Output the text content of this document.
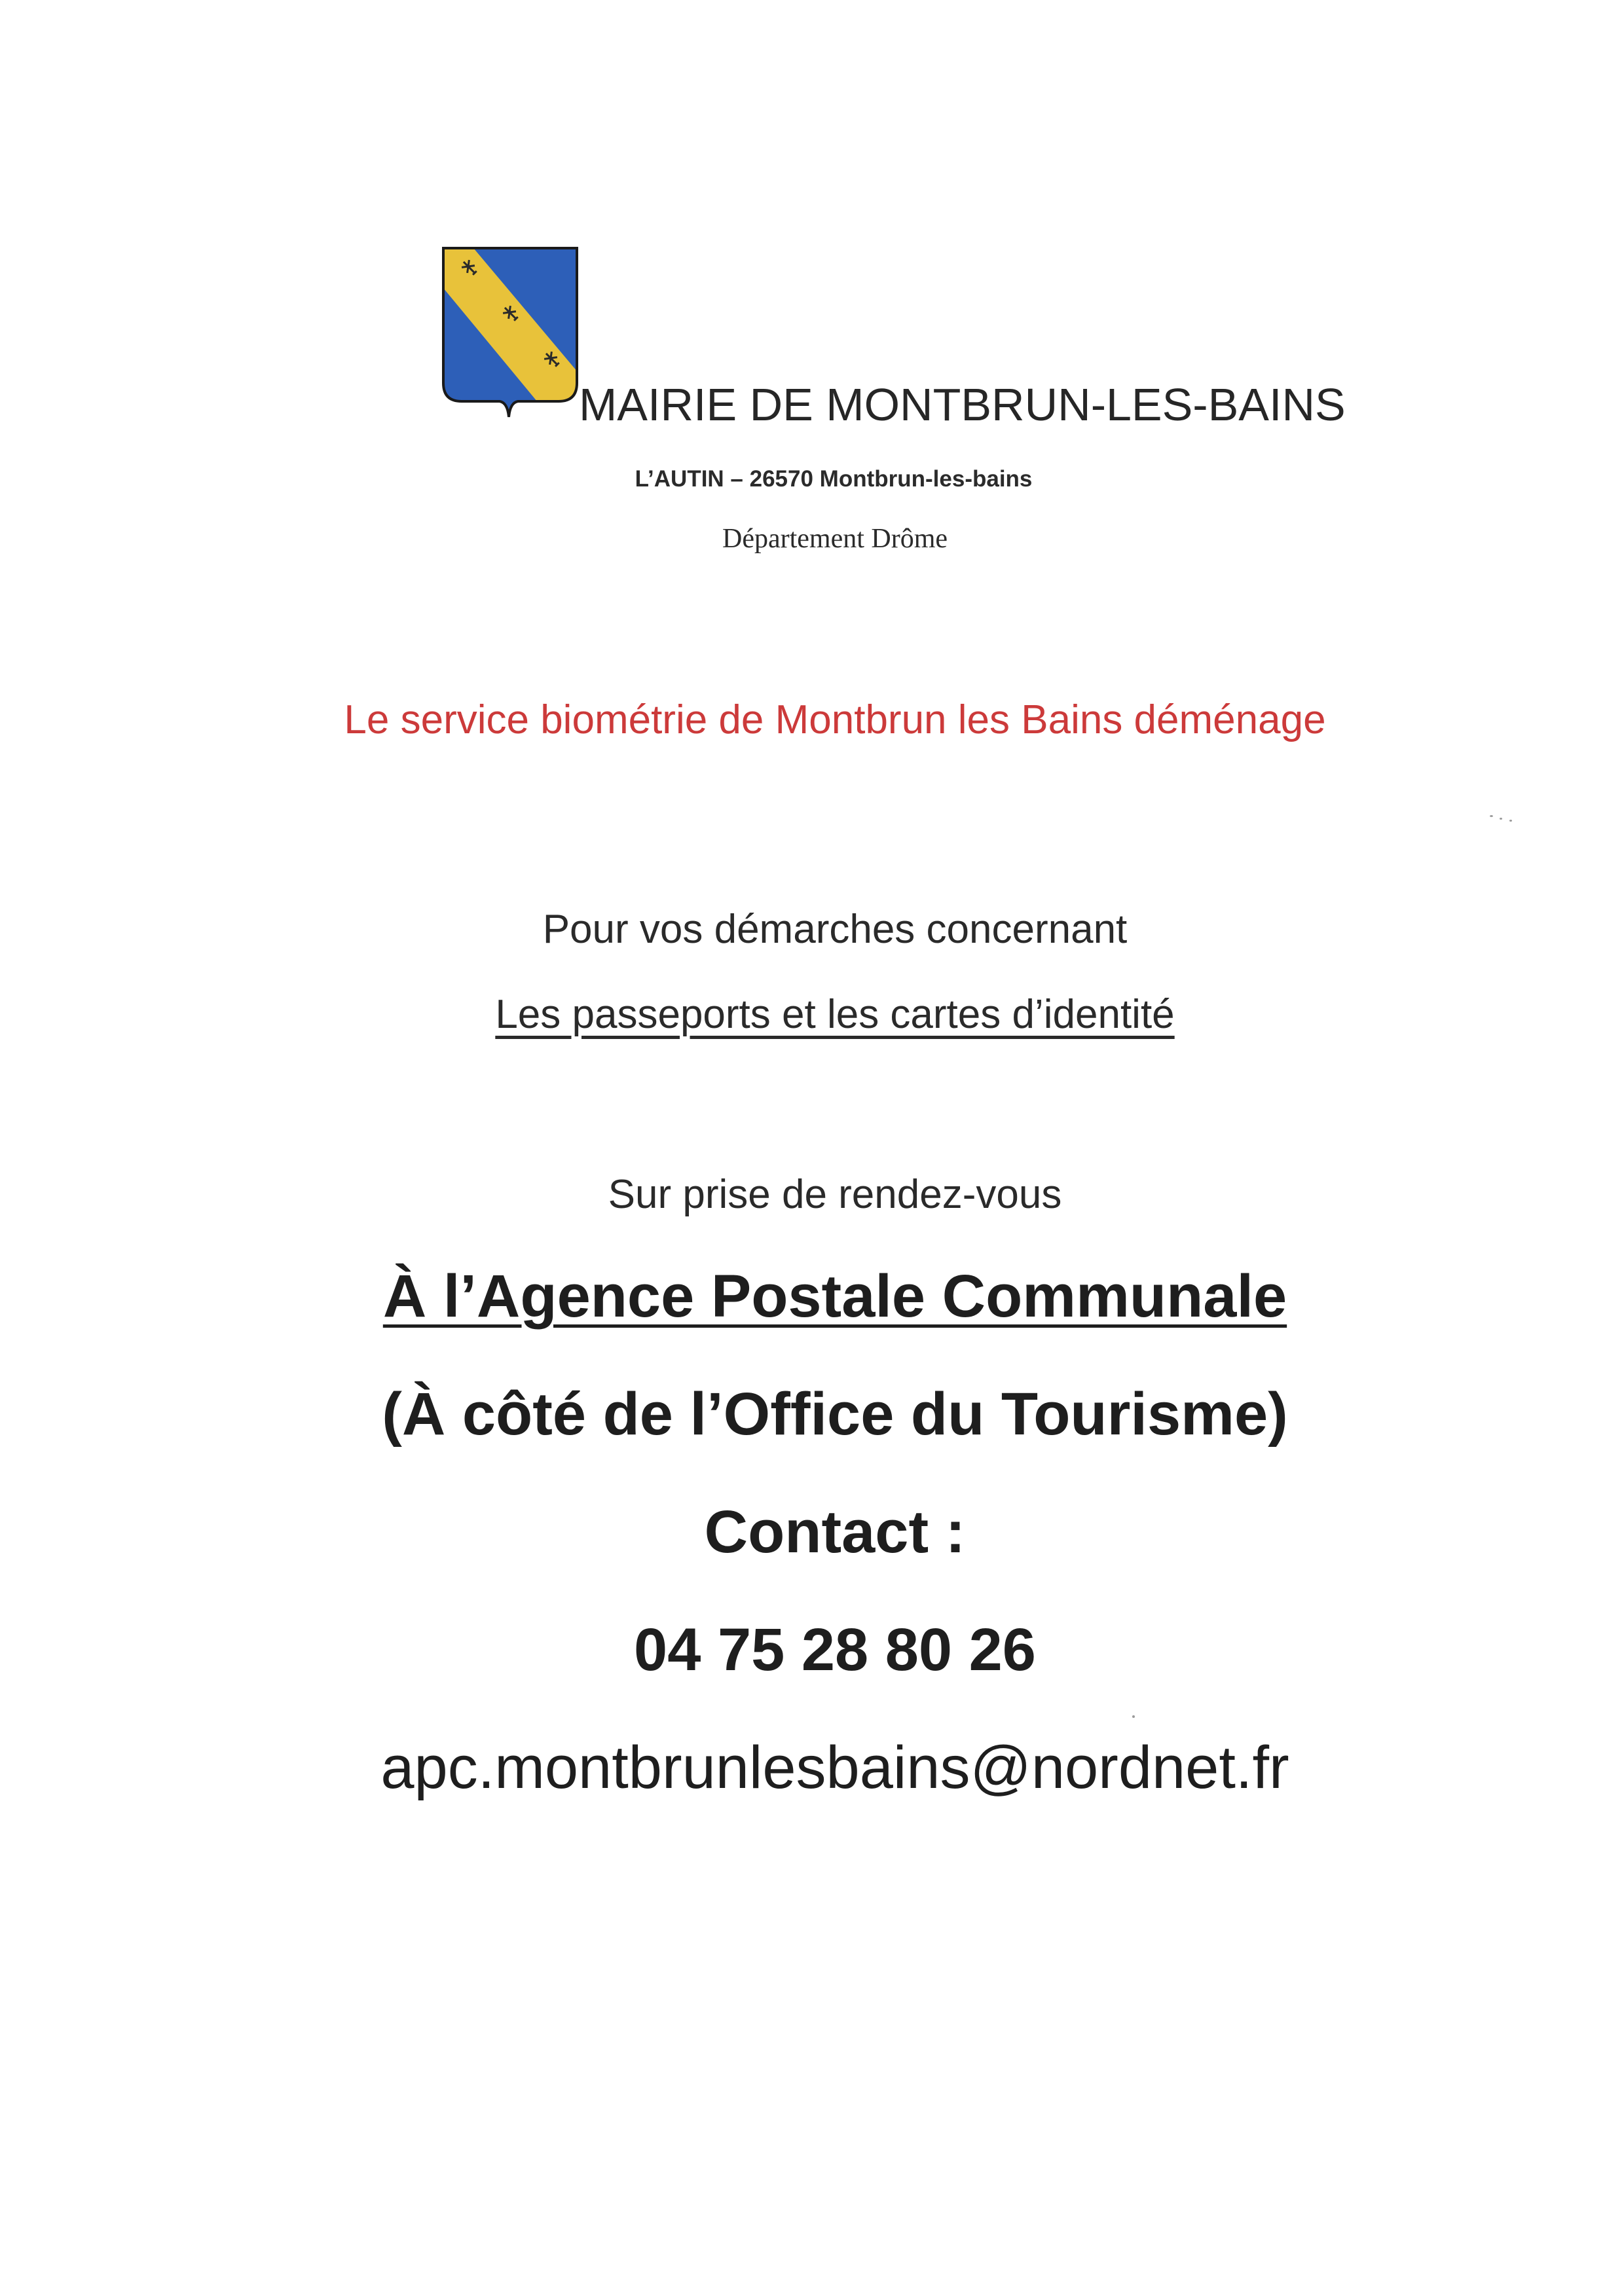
MAIRIE DE MONTBRUN-LES-BAINS
L’AUTIN – 26570 Montbrun-les-bains
Département Drôme
Le service biométrie de Montbrun les Bains déménage
Pour vos démarches concernant
Les passeports et les cartes d’identité
Sur prise de rendez-vous
À l’Agence Postale Communale
(À côté de l’Office du Tourisme)
Contact :
04 75 28 80 26
apc.montbrunlesbains@nordnet.fr
